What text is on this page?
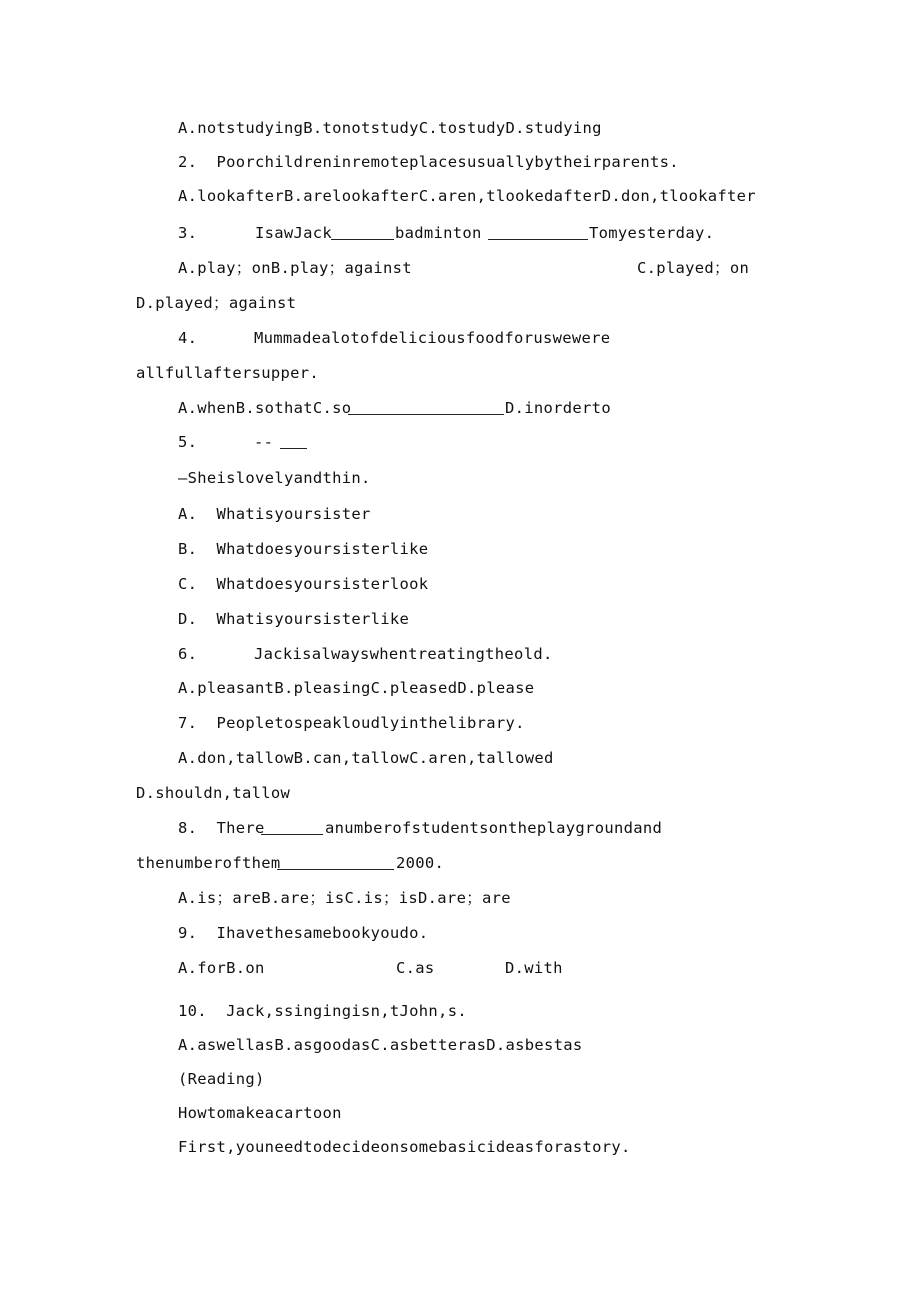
A.notstudyingB.tonotstudyC.tostudyD.studying
2.  Poorchildreninremoteplacesusuallybytheirparents.
A.lookafterB.arelookafterC.aren,tlookedafterD.don,tlookafter
3.	IsawJack	badminton	Tomyesterday.
A.play；onB.play；against	C.played；on
D.played；against
4.	Mummadealotofdeliciousfoodforuswewere
allfullaftersupper.
A.whenB.sothatC.so	D.inorderto
5.	--
—Sheislovelyandthin.
A.  Whatisyoursister
B.  Whatdoesyoursisterlike
C.  Whatdoesyoursisterlook
D.  Whatisyoursisterlike
6.	Jackisalwayswhentreatingtheold.
A.pleasantB.pleasingC.pleasedD.please
7.  Peopletospeakloudlyinthelibrary.
A.don,tallowB.can,tallowC.aren,tallowed
D.shouldn,tallow
8.  There	anumberofstudentsontheplaygroundand
thenumberofthem	2000.
A.is；areB.are；isC.is；isD.are；are
9.  Ihavethesamebookyoudo.
A.forB.on	C.as	D.with
10.  Jack,ssingingisn,tJohn,s.
A.aswellasB.asgoodasC.asbetterasD.asbestas
(Reading)
Howtomakeacartoon
First,youneedtodecideonsomebasicideasforastory.
